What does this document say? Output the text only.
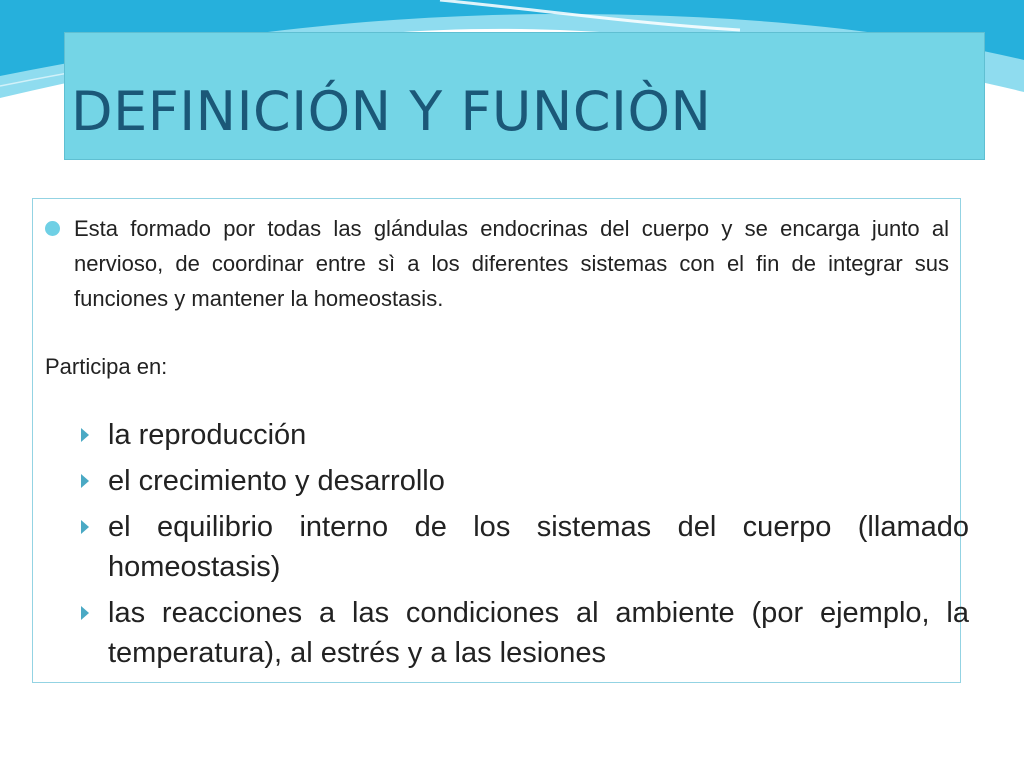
DEFINICIÓN Y FUNCIÒN

Esta formado por todas las glándulas endocrinas del cuerpo y se encarga junto al nervioso, de coordinar entre sì a los diferentes sistemas con el fin de integrar sus funciones y mantener la homeostasis.

Participa en:

la reproducción
el crecimiento y desarrollo
el equilibrio interno de los sistemas del cuerpo (llamado homeostasis)
las reacciones a las condiciones al ambiente (por ejemplo, la temperatura), al estrés y a las lesiones
